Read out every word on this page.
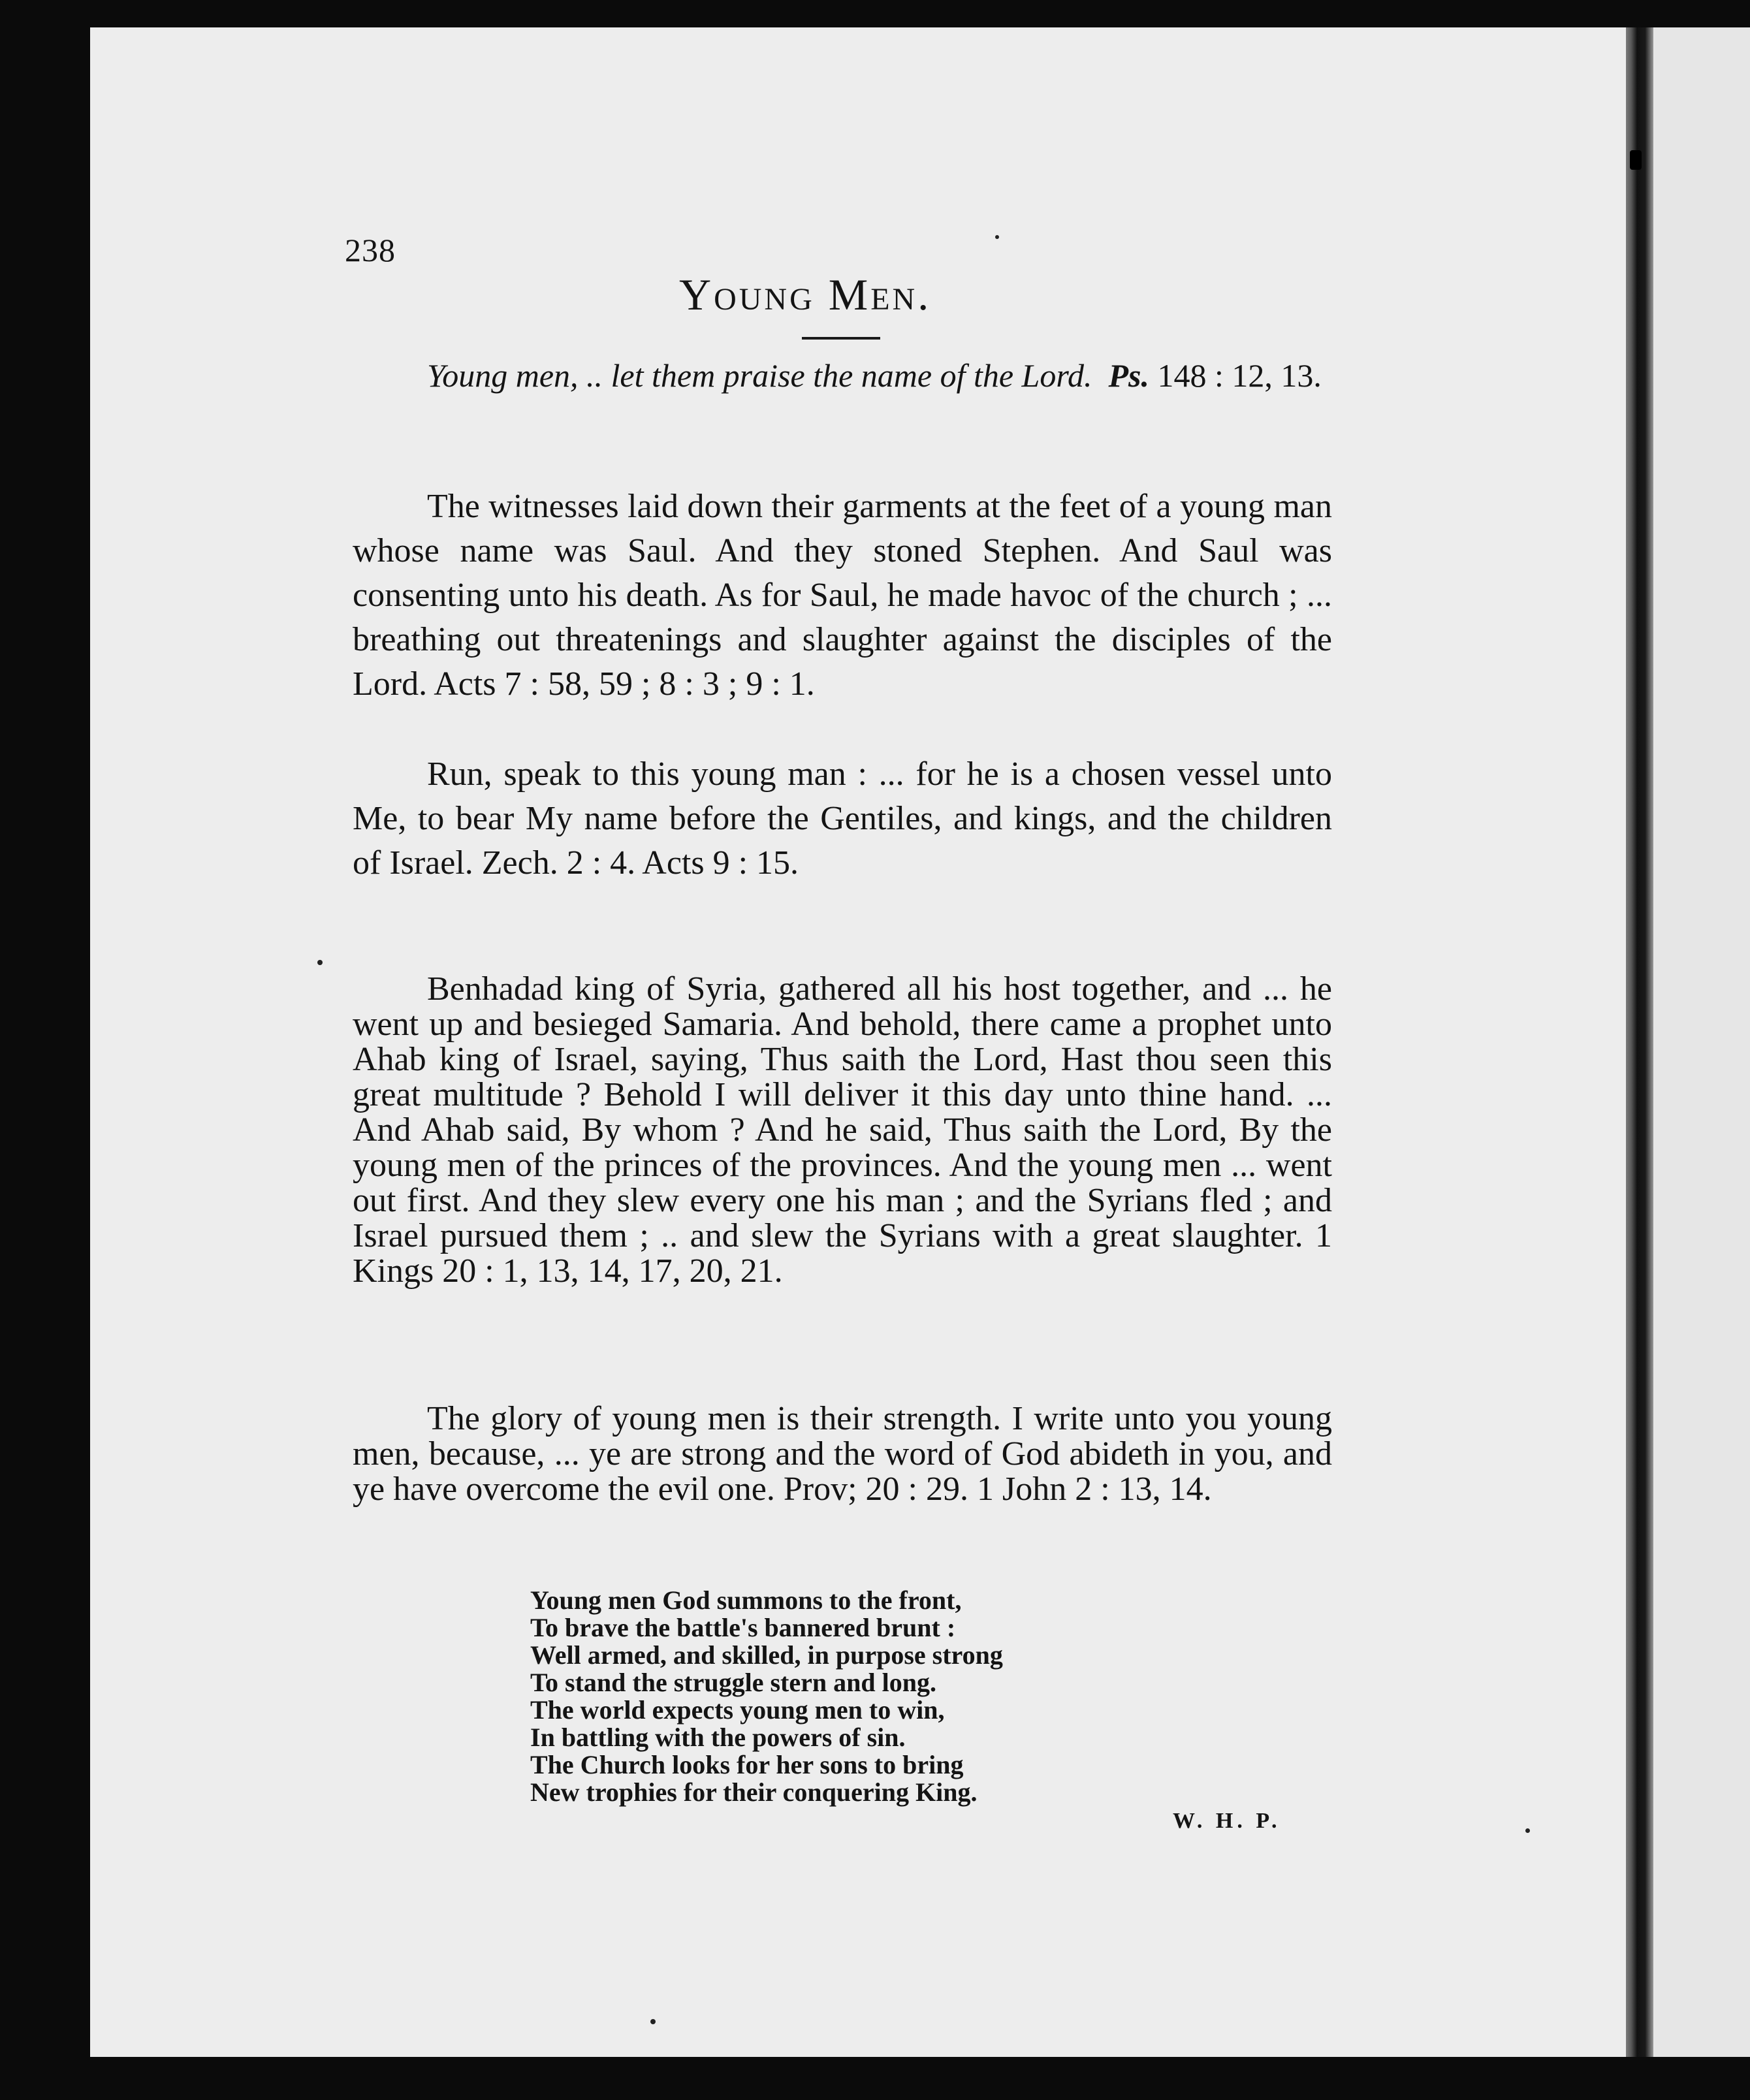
238
Young Men.
Young men, .. let them praise the name of the Lord. Ps. 148 : 12, 13.
The witnesses laid down their garments at the feet of a young man whose name was Saul. And they stoned Stephen. And Saul was consenting unto his death. As for Saul, he made havoc of the church ; ... breathing out threatenings and slaughter against the disciples of the Lord. Acts 7 : 58, 59 ; 8 : 3 ; 9 : 1.
Run, speak to this young man : ... for he is a chosen vessel unto Me, to bear My name before the Gentiles, and kings, and the children of Israel. Zech. 2 : 4. Acts 9 : 15.
Benhadad king of Syria, gathered all his host together, and ... he went up and besieged Samaria. And behold, there came a prophet unto Ahab king of Israel, saying, Thus saith the Lord, Hast thou seen this great multitude ? Behold I will deliver it this day unto thine hand. ... And Ahab said, By whom ? And he said, Thus saith the Lord, By the young men of the princes of the provinces. And the young men ... went out first. And they slew every one his man ; and the Syrians fled ; and Israel pursued them ; .. and slew the Syrians with a great slaughter. 1 Kings 20 : 1, 13, 14, 17, 20, 21.
The glory of young men is their strength. I write unto you young men, because, ... ye are strong and the word of God abideth in you, and ye have overcome the evil one. Prov; 20 : 29. 1 John 2 : 13, 14.
Young men God summons to the front,
To brave the battle's bannered brunt :
Well armed, and skilled, in purpose strong
To stand the struggle stern and long.
The world expects young men to win,
In battling with the powers of sin.
The Church looks for her sons to bring
New trophies for their conquering King.
W. H. P.
